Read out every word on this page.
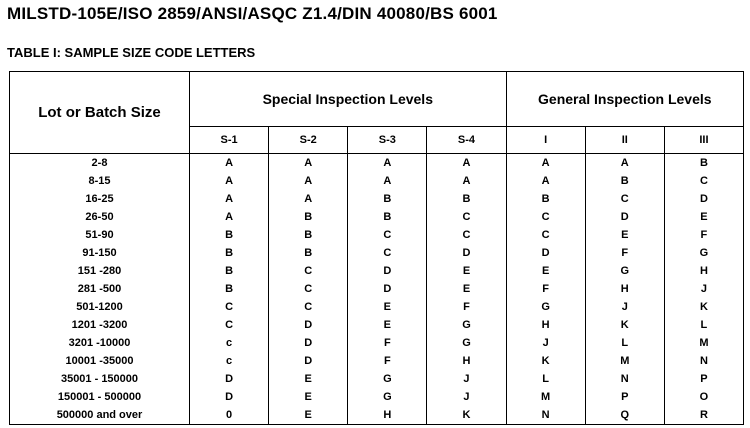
MILSTD-105E/ISO 2859/ANSI/ASQC Z1.4/DIN 40080/BS 6001
TABLE I: SAMPLE SIZE CODE LETTERS
Lot or Batch Size	Special Inspection Levels				General Inspection Levels		
	S-1	S-2	S-3	S-4	I	II	III
2-8	A	A	A	A	A	A	B
8-15	A	A	A	A	A	B	C
16-25	A	A	B	B	B	C	D
26-50	A	B	B	C	C	D	E
51-90	B	B	C	C	C	E	F
91-150	B	B	C	D	D	F	G
151 -280	B	C	D	E	E	G	H
281 -500	B	C	D	E	F	H	J
501-1200	C	C	E	F	G	J	K
1201 -3200	C	D	E	G	H	K	L
3201 -10000	c	D	F	G	J	L	M
10001 -35000	c	D	F	H	K	M	N
35001 - 150000	D	E	G	J	L	N	P
150001 - 500000	D	E	G	J	M	P	O
500000 and over	0	E	H	K	N	Q	R
